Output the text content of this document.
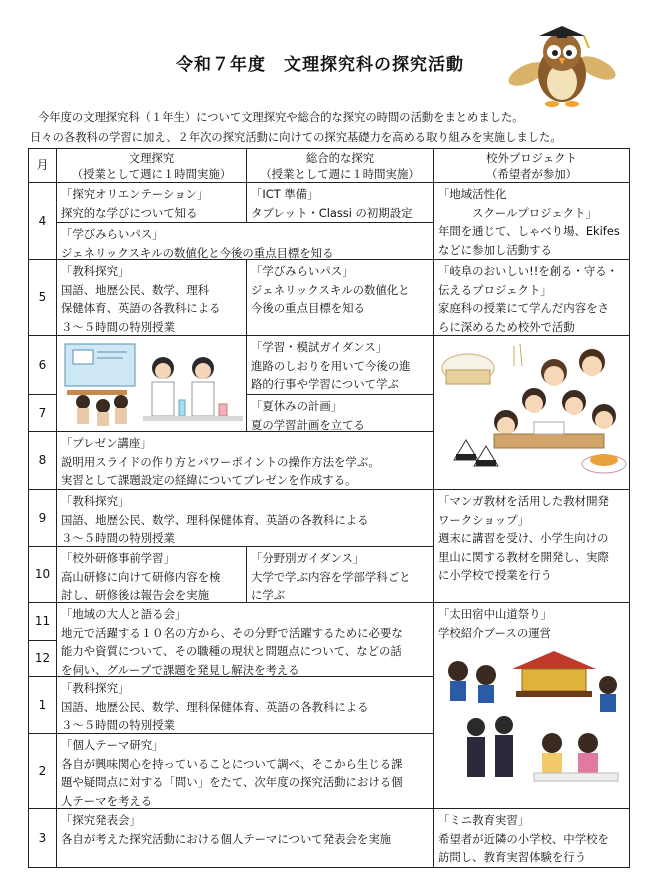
令和７年度　文理探究科の探究活動
今年度の文理探究科（１年生）について文理探究や総合的な探究の時間の活動をまとめました。
日々の各教科の学習に加え、２年次の探究活動に向けての探究基礎力を高める取り組みを実施しました。
月
文理探究
（授業として週に１時間実施）
総合的な探究
（授業として週に１時間実施）
校外プロジェクト
（希望者が参加）
4
5
6
7
8
9
10
11
12
1
2
3
「探究オリエンテーション」
探究的な学びについて知る
「ICT 準備」
タブレット・Classi の初期設定
「学びみらいパス」
ジェネリックスキルの数値化と今後の重点目標を知る
「地域活性化
スクールプロジェクト」
年間を通じて、しゃべり場、Ekifes
などに参加し活動する
「教科探究」
国語、地歴公民、数学、理科
保健体育、英語の各教科による
３～５時間の特別授業
「学びみらいパス」
ジェネリックスキルの数値化と
今後の重点目標を知る
「岐阜のおいしい!!を創る・守る・
伝えるプロジェクト」
家庭科の授業にて学んだ内容をさ
らに深めるため校外で活動
「学習・模試ガイダンス」
進路のしおりを用いて今後の進
路的行事や学習について学ぶ
「夏休みの計画」
夏の学習計画を立てる
「プレゼン講座」
説明用スライドの作り方とパワーポイントの操作方法を学ぶ。
実習として課題設定の経緯についてプレゼンを作成する。
「教科探究」
国語、地歴公民、数学、理科保健体育、英語の各教科による
３～５時間の特別授業
「マンガ教材を活用した教材開発
ワークショップ」
週末に講習を受け、小学生向けの
里山に関する教材を開発し、実際
に小学校で授業を行う
「校外研修事前学習」
高山研修に向けて研修内容を検
討し、研修後は報告会を実施
「分野別ガイダンス」
大学で学ぶ内容を学部学科ごと
に学ぶ
「地域の大人と語る会」
地元で活躍する１０名の方から、その分野で活躍するために必要な
能力や資質について、その職種の現状と問題点について、などの話
を伺い、グループで課題を発見し解決を考える
「太田宿中山道祭り」
学校紹介ブースの運営
「教科探究」
国語、地歴公民、数学、理科保健体育、英語の各教科による
３～５時間の特別授業
「個人テーマ研究」
各自が興味関心を持っていることについて調べ、そこから生じる課
題や疑問点に対する「問い」をたて、次年度の探究活動における個
人テーマを考える
「探究発表会」
各自が考えた探究活動における個人テーマについて発表会を実施
「ミニ教育実習」
希望者が近隣の小学校、中学校を
訪問し、教育実習体験を行う
